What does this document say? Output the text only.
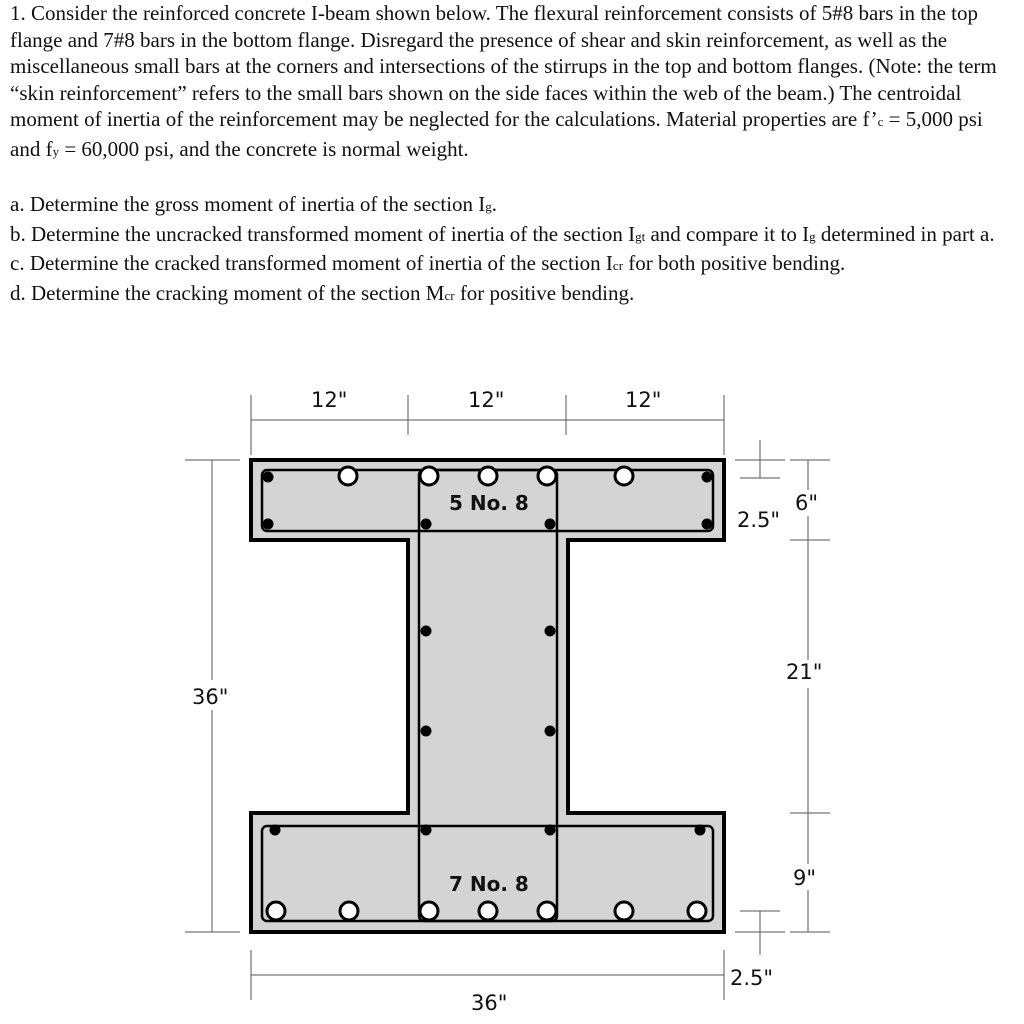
1. Consider the reinforced concrete I-beam shown below. The flexural reinforcement consists of 5#8 bars in the top flange and 7#8 bars in the bottom flange. Disregard the presence of shear and skin reinforcement, as well as the miscellaneous small bars at the corners and intersections of the stirrups in the top and bottom flanges. (Note: the term “skin reinforcement” refers to the small bars shown on the side faces within the web of the beam.) The centroidal moment of inertia of the reinforcement may be neglected for the calculations. Material properties are f’c = 5,000 psi and fy = 60,000 psi, and the concrete is normal weight.

a. Determine the gross moment of inertia of the section Ig.

b. Determine the uncracked transformed moment of inertia of the section Igt and compare it to Ig determined in part a.

c. Determine the cracked transformed moment of inertia of the section Icr for both positive bending.

d. Determine the cracking moment of the section Mcr for positive bending.

5 No. 8
7 No. 8
12"	12"	12"
36"
2.5"
6"
21"
9"
2.5"
36"
